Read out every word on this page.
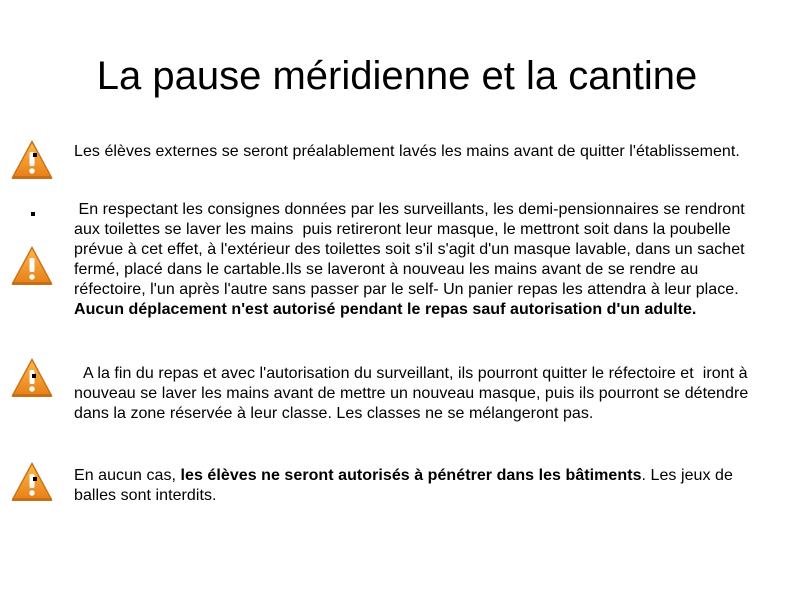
La pause méridienne et la cantine
Les élèves externes se seront préalablement lavés les mains avant de quitter l'établissement.
En respectant les consignes données par les surveillants, les demi-pensionnaires se rendront aux toilettes se laver les mains  puis retireront leur masque, le mettront soit dans la poubelle prévue à cet effet, à l'extérieur des toilettes soit s'il s'agit d'un masque lavable, dans un sachet fermé, placé dans le cartable.Ils se laveront à nouveau les mains avant de se rendre au réfectoire, l'un après l'autre sans passer par le self- Un panier repas les attendra à leur place. Aucun déplacement n'est autorisé pendant le repas sauf autorisation d'un adulte.
A la fin du repas et avec l'autorisation du surveillant, ils pourront quitter le réfectoire et  iront à nouveau se laver les mains avant de mettre un nouveau masque, puis ils pourront se détendre dans la zone réservée à leur classe. Les classes ne se mélangeront pas.
En aucun cas, les élèves ne seront autorisés à pénétrer dans les bâtiments. Les jeux de balles sont interdits.
